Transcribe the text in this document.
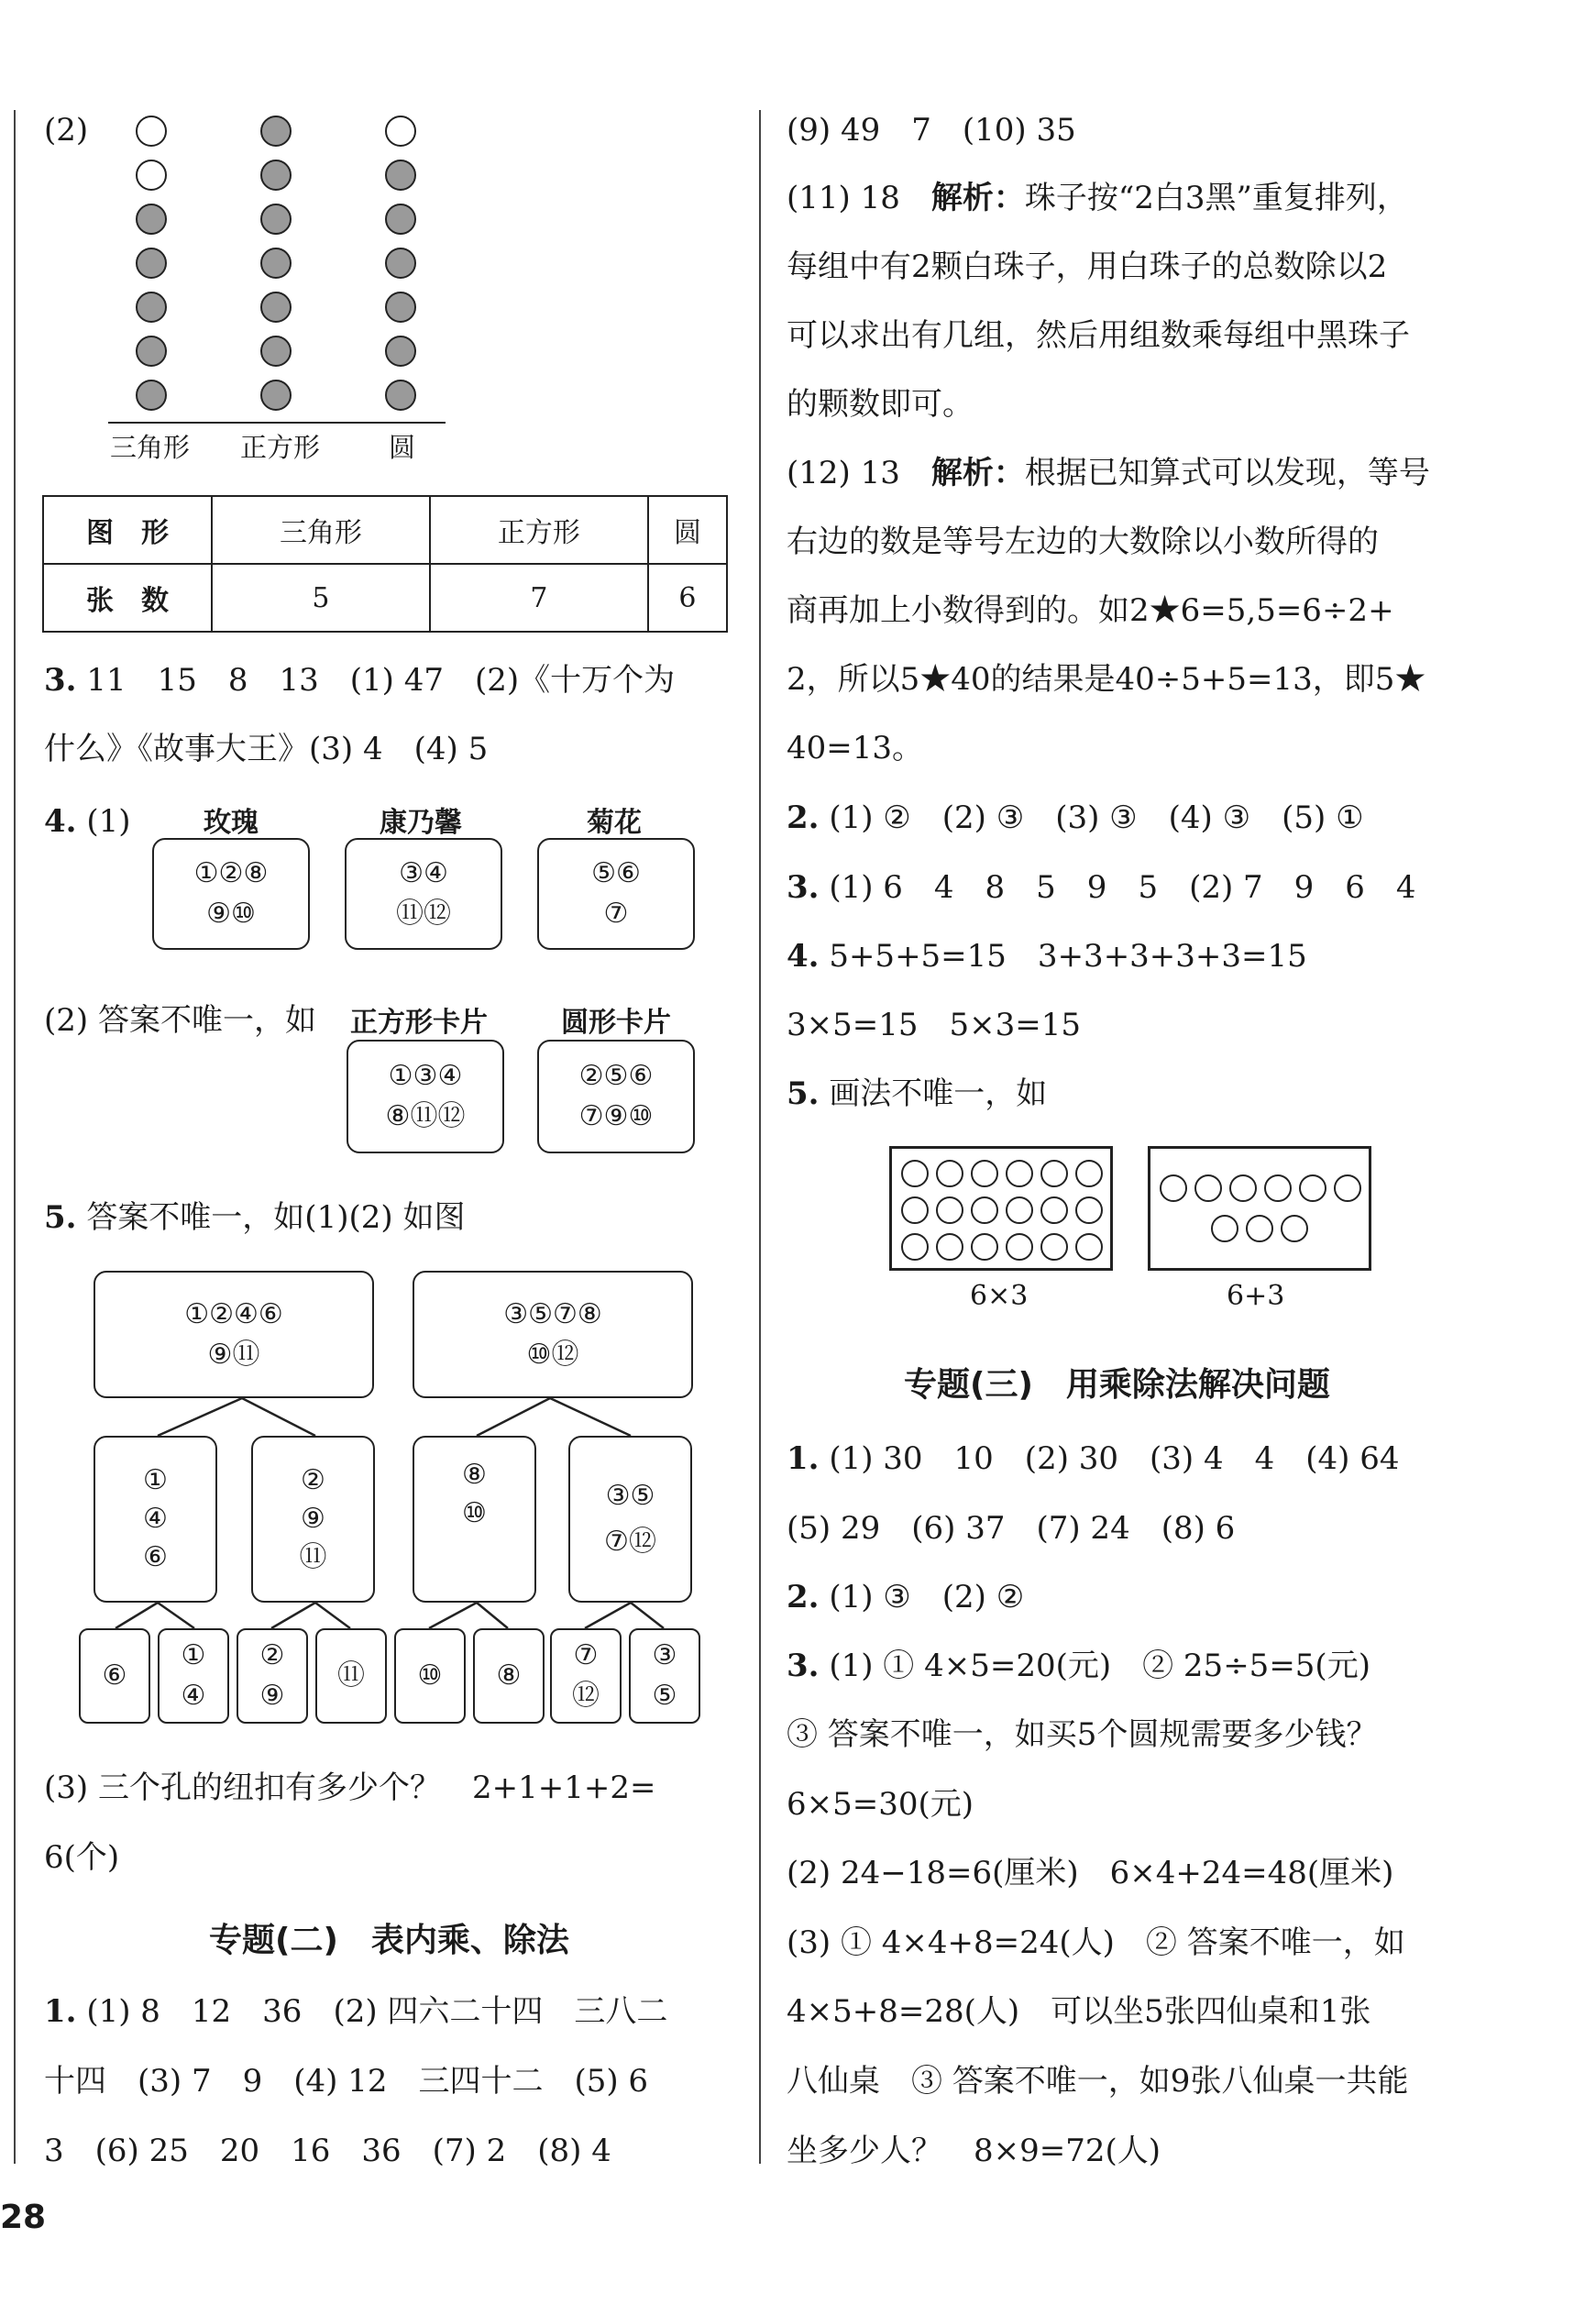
(2)
三角形 正方形	圆
图　形	三角形	正方形	圆
张　数	5	7	6
3. 11　15　8　13　(1) 47　(2)《十万个为
什么》《故事大王》(3) 4　(4) 5
4. (1)	玫瑰	康乃馨	菊花
①②⑧
⑨⑩
③④
⑪⑫
⑤⑥
⑦
(2) 答案不唯一，如 正方形卡片	圆形卡片
①③④
⑧⑪⑫
②⑤⑥
⑦⑨⑩
5. 答案不唯一，如(1)(2) 如图
①②④⑥
⑨⑪
③⑤⑦⑧
⑩⑫
①
④
⑥
②
⑨
⑪
⑧
⑩
③⑤
⑦⑫
⑥
①
④
②
⑨
⑪ ⑩ ⑧
⑦
⑫
③
⑤
(3) 三个孔的纽扣有多少个？　2+1+1+2=
6(个)
专题(二)　表内乘、除法
1. (1) 8　12　36　(2) 四六二十四　三八二
十四　(3) 7　9　(4) 12　三四十二　(5) 6
3　(6) 25　20　16　36　(7) 2　(8) 4
(9) 49　7　(10) 35
(11) 18　解析：珠子按“2白3黑”重复排列，
每组中有2颗白珠子，用白珠子的总数除以2
可以求出有几组，然后用组数乘每组中黑珠子
的颗数即可。
(12) 13　解析：根据已知算式可以发现，等号
右边的数是等号左边的大数除以小数所得的
商再加上小数得到的。如2★6=5,5=6÷2+
2，所以5★40的结果是40÷5+5=13，即5★
40=13。
2. (1) ②　(2) ③　(3) ③　(4) ③　(5) ①
3. (1) 6　4　8　5　9　5　(2) 7　9　6　4
4. 5+5+5=15　3+3+3+3+3=15
3×5=15　5×3=15
5. 画法不唯一，如
6×3	6+3
专题(三)　用乘除法解决问题
1. (1) 30　10　(2) 30　(3) 4　4　(4) 64
(5) 29　(6) 37　(7) 24　(8) 6
2. (1) ③　(2) ②
3. (1) ① 4×5=20(元)　② 25÷5=5(元)
③ 答案不唯一，如买5个圆规需要多少钱？
6×5=30(元)
(2) 24−18=6(厘米)　6×4+24=48(厘米)
(3) ① 4×4+8=24(人)　② 答案不唯一，如
4×5+8=28(人)　可以坐5张四仙桌和1张
八仙桌　③ 答案不唯一，如9张八仙桌一共能
坐多少人？　8×9=72(人)
28
